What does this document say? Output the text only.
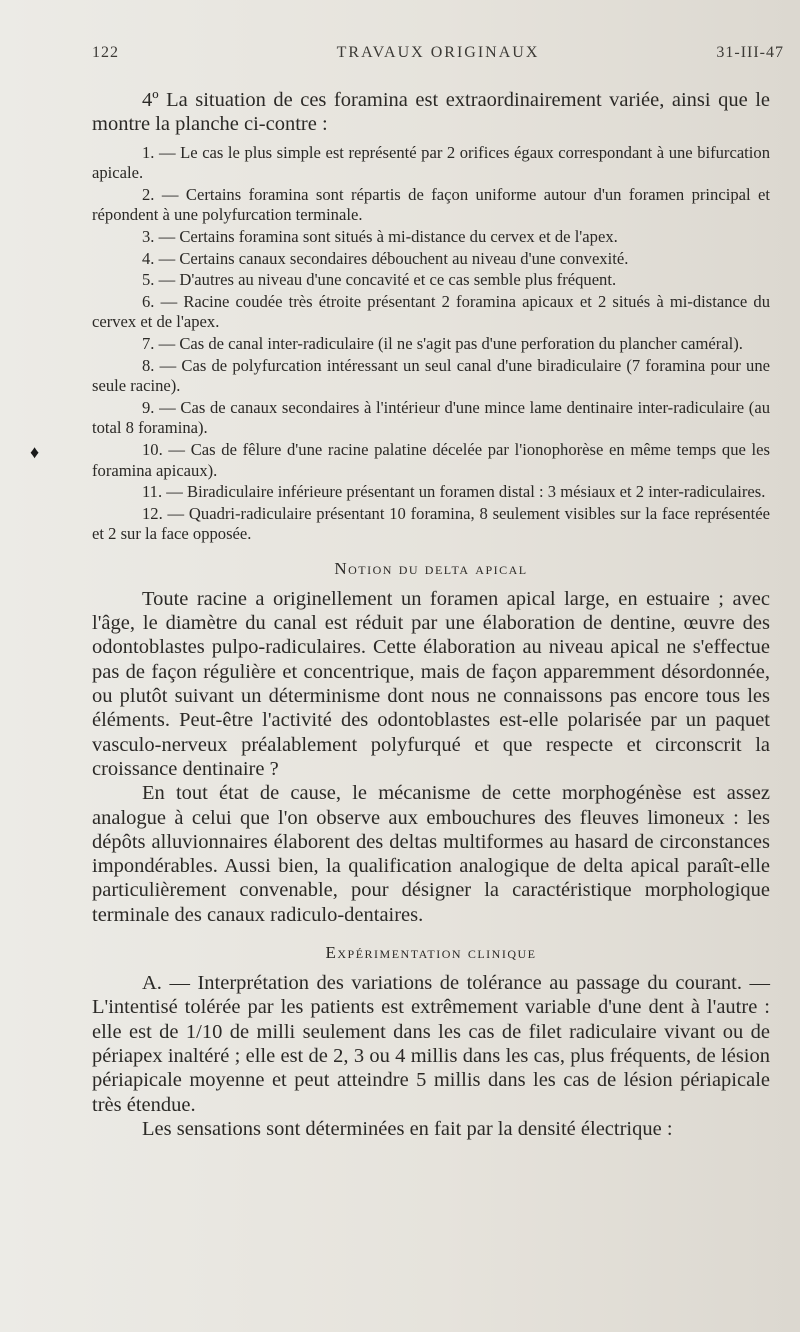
122	TRAVAUX ORIGINAUX	31-III-47
♦

4º La situation de ces foramina est extraordinairement variée, ainsi que le montre la planche ci-contre :

1. — Le cas le plus simple est représenté par 2 orifices égaux correspondant à une bifurcation apicale.

2. — Certains foramina sont répartis de façon uniforme autour d'un foramen principal et répondent à une polyfurcation terminale.

3. — Certains foramina sont situés à mi-distance du cervex et de l'apex.

4. — Certains canaux secondaires débouchent au niveau d'une convexité.

5. — D'autres au niveau d'une concavité et ce cas semble plus fréquent.

6. — Racine coudée très étroite présentant 2 foramina apicaux et 2 situés à mi-distance du cervex et de l'apex.

7. — Cas de canal inter-radiculaire (il ne s'agit pas d'une perforation du plancher caméral).

8. — Cas de polyfurcation intéressant un seul canal d'une biradiculaire (7 foramina pour une seule racine).

9. — Cas de canaux secondaires à l'intérieur d'une mince lame dentinaire inter-radiculaire (au total 8 foramina).

10. — Cas de fêlure d'une racine palatine décelée par l'ionophorèse en même temps que les foramina apicaux).

11. — Biradiculaire inférieure présentant un foramen distal : 3 mésiaux et 2 inter-radiculaires.

12. — Quadri-radiculaire présentant 10 foramina, 8 seulement visibles sur la face représentée et 2 sur la face opposée.

Notion du delta apical

Toute racine a originellement un foramen apical large, en estuaire ; avec l'âge, le diamètre du canal est réduit par une élaboration de dentine, œuvre des odontoblastes pulpo-radiculaires. Cette élaboration au niveau apical ne s'effectue pas de façon régulière et concentrique, mais de façon apparemment désordonnée, ou plutôt suivant un déterminisme dont nous ne connaissons pas encore tous les éléments. Peut-être l'activité des odontoblastes est-elle polarisée par un paquet vasculo-nerveux préalablement polyfurqué et que respecte et circonscrit la croissance dentinaire ?

En tout état de cause, le mécanisme de cette morphogénèse est assez analogue à celui que l'on observe aux embouchures des fleuves limoneux : les dépôts alluvionnaires élaborent des deltas multiformes au hasard de circonstances impondérables. Aussi bien, la qualification analogique de delta apical paraît-elle particulièrement convenable, pour désigner la caractéristique morphologique terminale des canaux radiculo-dentaires.

Expérimentation clinique

A. — Interprétation des variations de tolérance au passage du courant. — L'intentisé tolérée par les patients est extrêmement variable d'une dent à l'autre : elle est de 1/10 de milli seulement dans les cas de filet radiculaire vivant ou de périapex inaltéré ; elle est de 2, 3 ou 4 millis dans les cas, plus fréquents, de lésion périapicale moyenne et peut atteindre 5 millis dans les cas de lésion périapicale très étendue.

Les sensations sont déterminées en fait par la densité électrique :
